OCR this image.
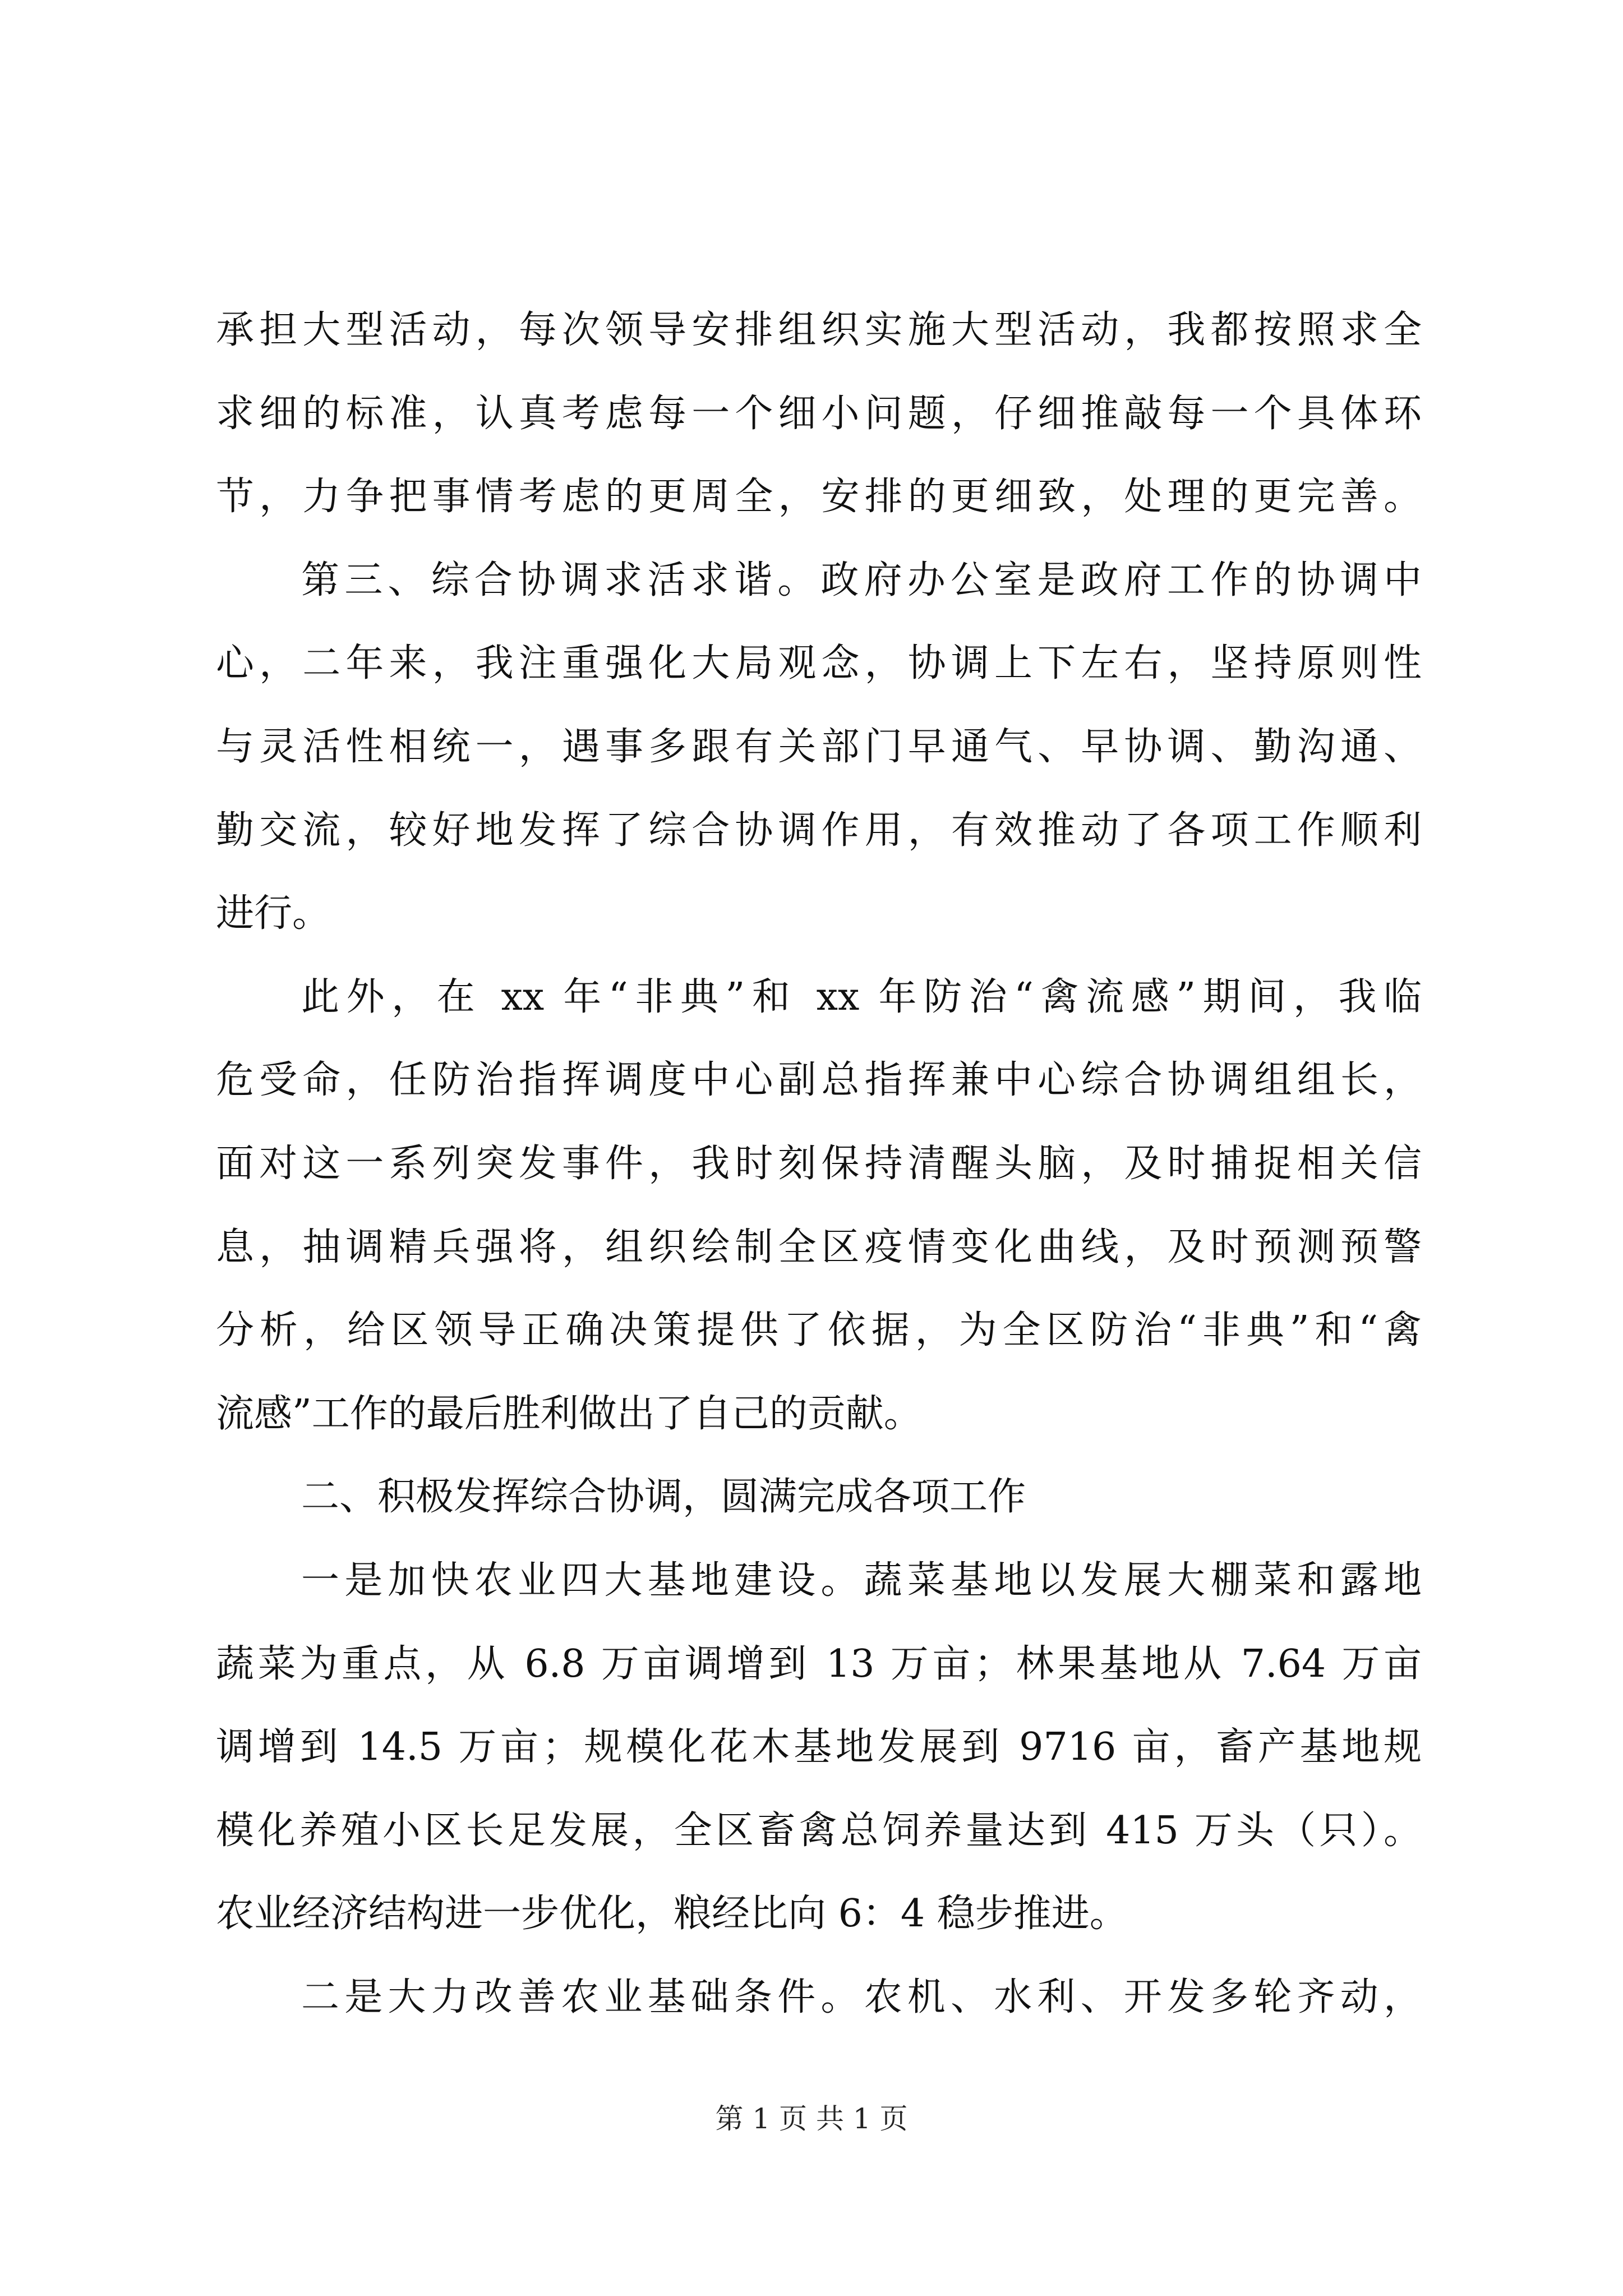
承担大型活动，每次领导安排组织实施大型活动，我都按照求全
求细的标准，认真考虑每一个细小问题，仔细推敲每一个具体环
节，力争把事情考虑的更周全，安排的更细致，处理的更完善。
第三、综合协调求活求谐。政府办公室是政府工作的协调中
心，二年来，我注重强化大局观念，协调上下左右，坚持原则性
与灵活性相统一，遇事多跟有关部门早通气、早协调、勤沟通、
勤交流，较好地发挥了综合协调作用，有效推动了各项工作顺利
进行。
此外，在 xx 年“非典”和 xx 年防治“禽流感”期间，我临
危受命，任防治指挥调度中心副总指挥兼中心综合协调组组长，
面对这一系列突发事件，我时刻保持清醒头脑，及时捕捉相关信
息，抽调精兵强将，组织绘制全区疫情变化曲线，及时预测预警
分析，给区领导正确决策提供了依据，为全区防治“非典”和“禽
流感”工作的最后胜利做出了自己的贡献。
二、积极发挥综合协调，圆满完成各项工作
一是加快农业四大基地建设。蔬菜基地以发展大棚菜和露地
蔬菜为重点，从 6.8 万亩调增到 13 万亩；林果基地从 7.64 万亩
调增到 14.5 万亩；规模化花木基地发展到 9716 亩，畜产基地规
模化养殖小区长足发展，全区畜禽总饲养量达到 415 万头（只）。
农业经济结构进一步优化，粮经比向 6：4 稳步推进。
二是大力改善农业基础条件。农机、水利、开发多轮齐动，
第 1 页 共 1 页
